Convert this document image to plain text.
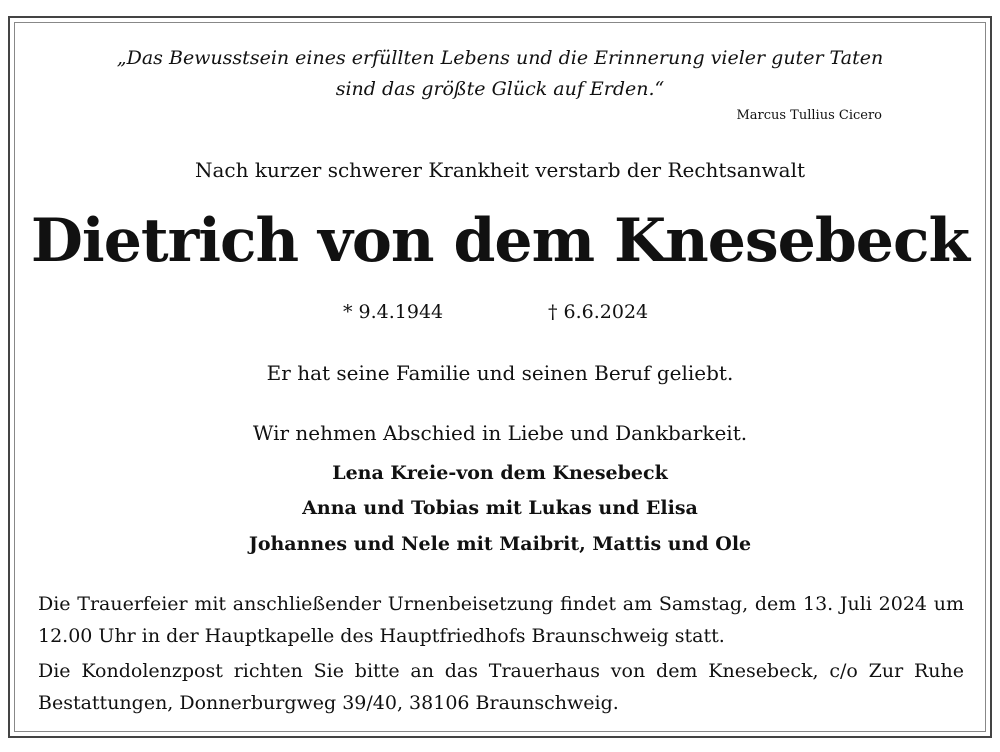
„Das Bewusstsein eines erfüllten Lebens und die Erinnerung vieler guter Taten
sind das größte Glück auf Erden.“
Marcus Tullius Cicero
Nach kurzer schwerer Krankheit verstarb der Rechtsanwalt
Dietrich von dem Knesebeck
* 9.4.1944	† 6.6.2024
Er hat seine Familie und seinen Beruf geliebt.
Wir nehmen Abschied in Liebe und Dankbarkeit.
Lena Kreie-von dem Knesebeck
Anna und Tobias mit Lukas und Elisa
Johannes und Nele mit Maibrit, Mattis und Ole
Die Trauerfeier mit anschließender Urnenbeisetzung findet am Samstag, dem 13. Juli 2024 um 12.00 Uhr in der Hauptkapelle des Hauptfriedhofs Braunschweig statt.
Die Kondolenzpost richten Sie bitte an das Trauerhaus von dem Knesebeck, c/o Zur Ruhe Bestattungen, Donnerburgweg 39/40, 38106 Braunschweig.
